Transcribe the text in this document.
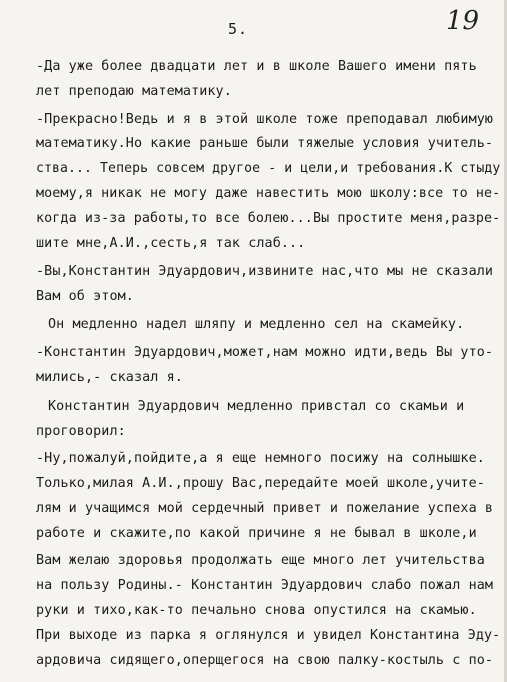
5.	19
-Да уже более двадцати лет и в школе Вашего имени пять
лет преподаю математику.
-Прекрасно!Ведь и я в этой школе тоже преподавал любимую
математику.Но какие раньше были тяжелые условия учитель-
ства... Теперь совсем другое - и цели,и требования.К стыду
моему,я никак не могу даже навестить мою школу:все то не-
когда из-за работы,то все болею...Вы простите меня,разре-
шите мне,А.И.,сесть,я так слаб...
-Вы,Константин Эдуардович,извините нас,что мы не сказали
Вам об этом.
Он медленно надел шляпу и медленно сел на скамейку.
-Константин Эдуардович,может,нам можно идти,ведь Вы уто-
мились,- сказал я.
Константин Эдуардович медленно привстал со скамьи и
проговорил:
-Ну,пожалуй,пойдите,а я еще немного посижу на солнышке.
Только,милая А.И.,прошу Вас,передайте моей школе,учите-
лям и учащимся мой сердечный привет и пожелание успеха в
работе и скажите,по какой причине я не бывал в школе,и
Вам желаю здоровья продолжать еще много лет учительства
на пользу Родины.- Константин Эдуардович слабо пожал нам
руки и тихо,как-то печально снова опустился на скамью.
При выходе из парка я оглянулся и увидел Константина Эду-
ардовича сидящего,оперщегося на свою палку-костыль с по-
